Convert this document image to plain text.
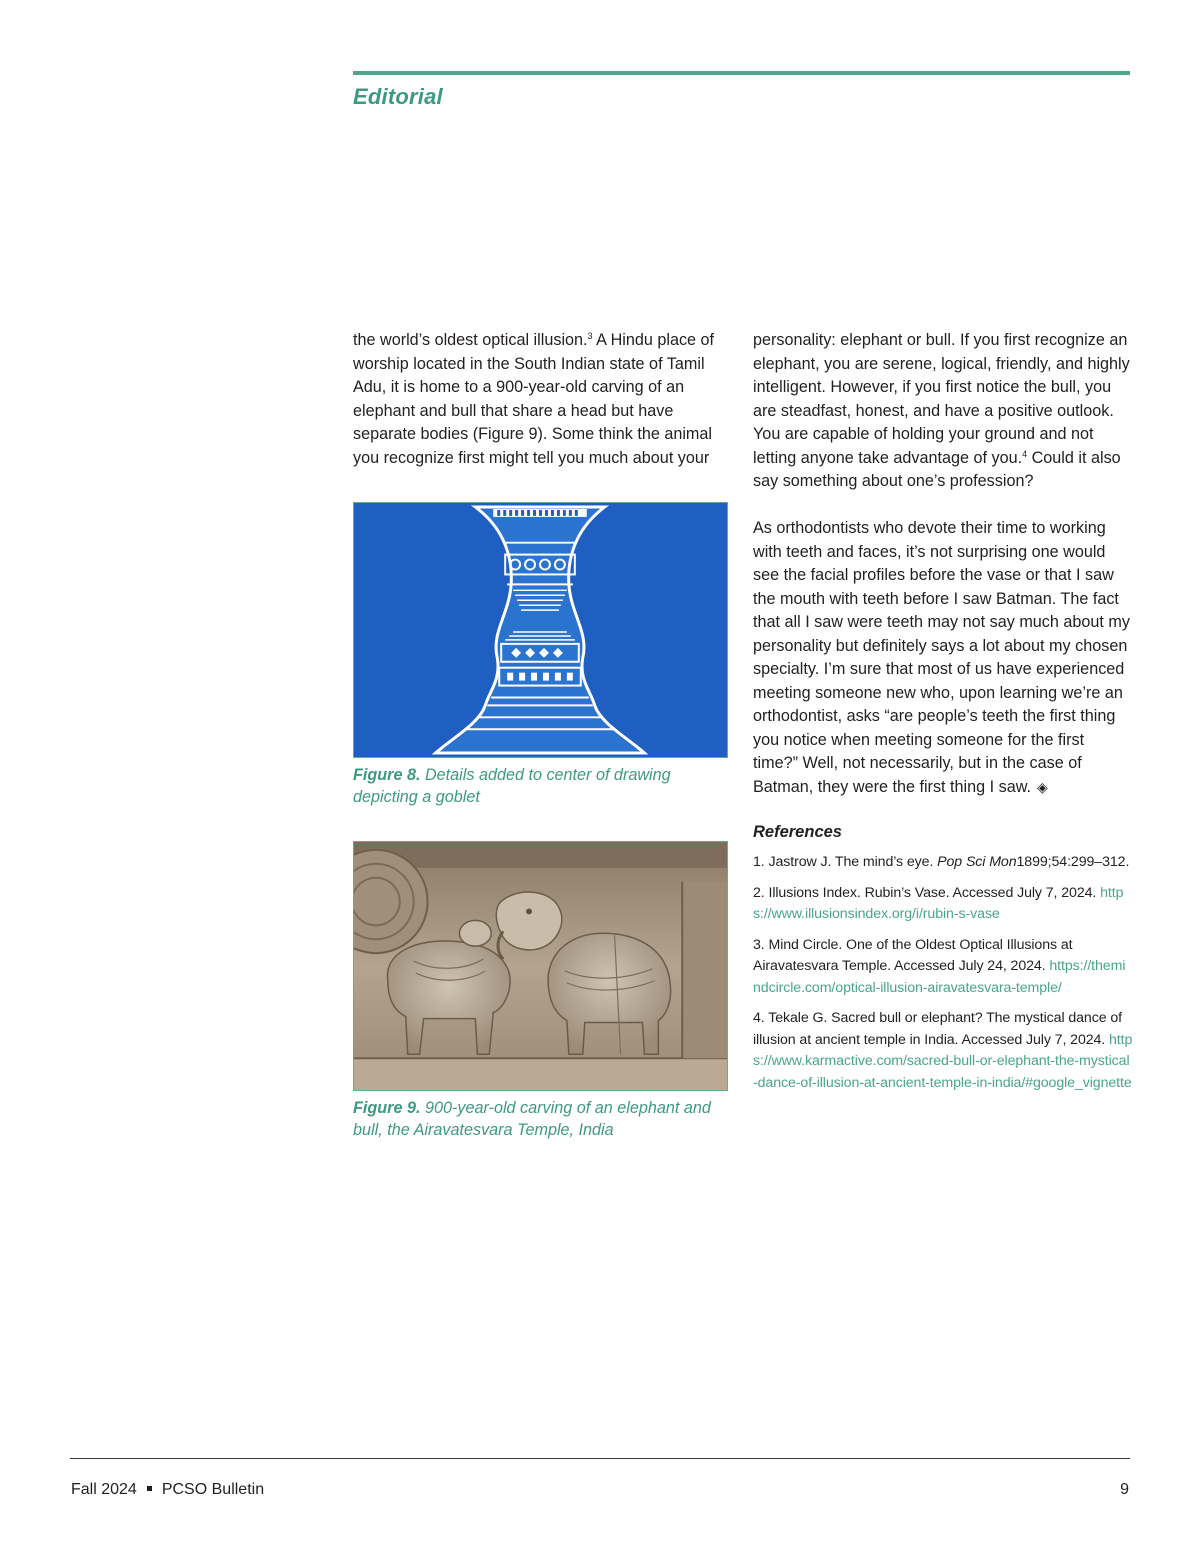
Editorial

the world’s oldest optical illusion.$^3$ A Hindu place of worship located in the South Indian state of Tamil Adu, it is home to a 900-year-old carving of an elephant and bull that share a head but have separate bodies (Figure 9). Some think the animal you recognize first might tell you much about your

Figure 8. Details added to center of drawing depicting a goblet

Figure 9. 900-year-old carving of an elephant and bull, the Airavatesvara Temple, India

personality: elephant or bull. If you first recognize an elephant, you are serene, logical, friendly, and highly intelligent. However, if you first notice the bull, you are steadfast, honest, and have a positive outlook. You are capable of holding your ground and not letting anyone take advantage of you.$^4$ Could it also say something about one’s profession?

As orthodontists who devote their time to working with teeth and faces, it’s not surprising one would see the facial profiles before the vase or that I saw the mouth with teeth before I saw Batman. The fact that all I saw were teeth may not say much about my personality but definitely says a lot about my chosen specialty. I’m sure that most of us have experienced meeting someone new who, upon learning we’re an orthodontist, asks “are people’s teeth the first thing you notice when meeting someone for the first time?” Well, not necessarily, but in the case of Batman, they were the first thing I saw. ◈

References
1. Jastrow J. The mind’s eye. Pop Sci Mon1899;54:299–312.
2. Illusions Index. Rubin’s Vase. Accessed July 7, 2024. https://www.illusionsindex.org/i/rubin-s-vase
3. Mind Circle. One of the Oldest Optical Illusions at Airavatesvara Temple. Accessed July 24, 2024. https://themindcircle.com/optical-illusion-airavatesvara-temple/
4. Tekale G. Sacred bull or elephant? The mystical dance of illusion at ancient temple in India. Accessed July 7, 2024. https://www.karmactive.com/sacred-bull-or-elephant-the-mystical-dance-of-illusion-at-ancient-temple-in-india/#google_vignette
Fall 2024 PCSO Bulletin	9
